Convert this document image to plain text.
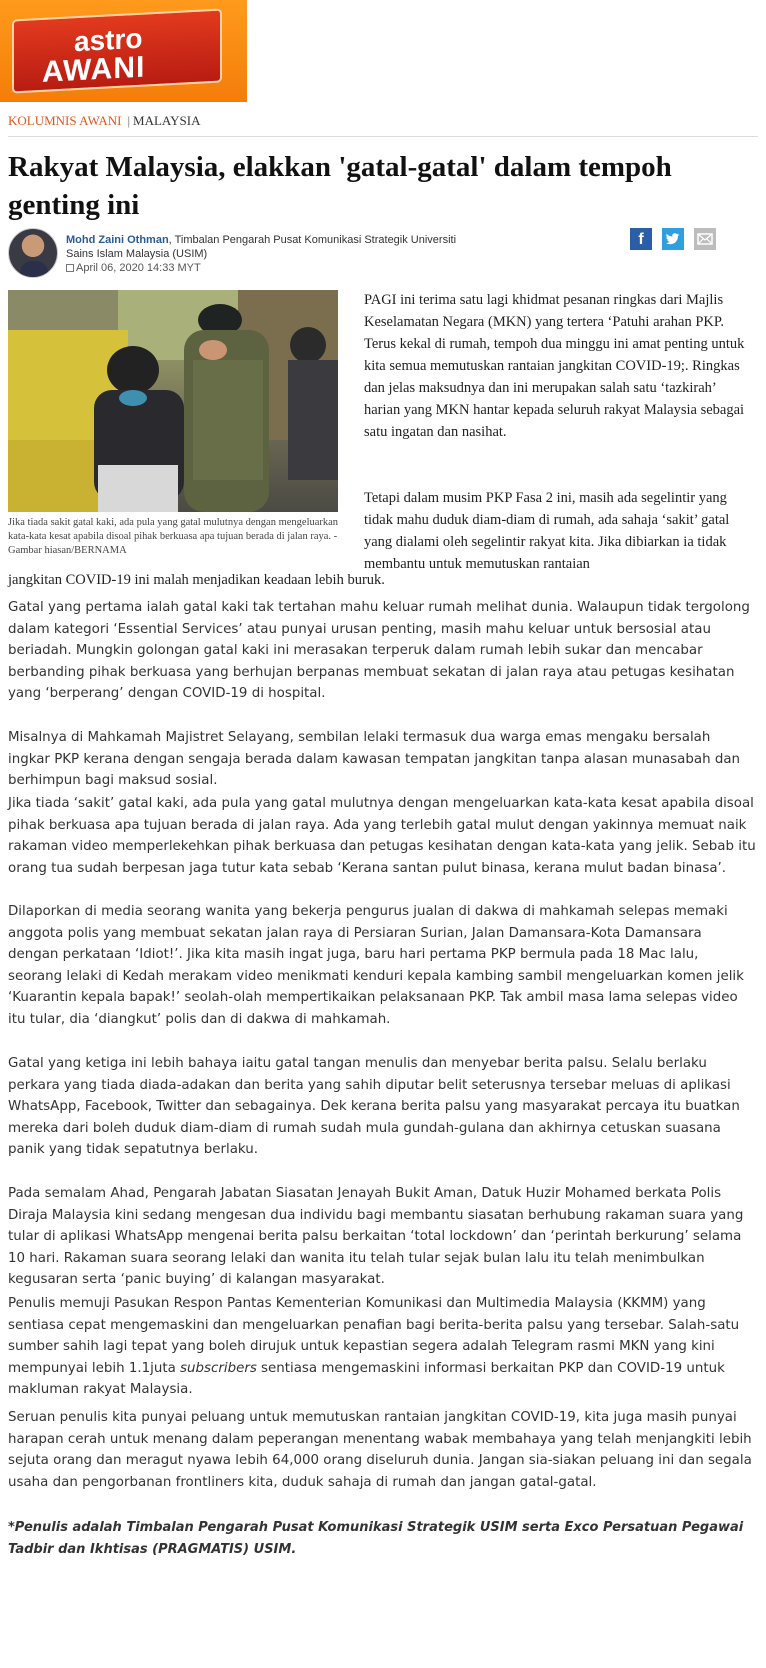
astro
AWANI
KOLUMNIS AWANI | MALAYSIA
Rakyat Malaysia, elakkan 'gatal-gatal' dalam tempoh genting ini
Mohd Zaini Othman, Timbalan Pengarah Pusat Komunikasi Strategik Universiti Sains Islam Malaysia (USIM)
April 06, 2020 14:33 MYT
f
Jika tiada sakit gatal kaki, ada pula yang gatal mulutnya dengan mengeluarkan kata-kata kesat apabila disoal pihak berkuasa apa tujuan berada di jalan raya. - Gambar hiasan/BERNAMA

PAGI ini terima satu lagi khidmat pesanan ringkas dari Majlis Keselamatan Negara (MKN) yang tertera ‘Patuhi arahan PKP. Terus kekal di rumah, tempoh dua minggu ini amat penting untuk kita semua memutuskan rantaian jangkitan COVID-19;. Ringkas dan jelas maksudnya dan ini merupakan salah satu ‘tazkirah’ harian yang MKN hantar kepada seluruh rakyat Malaysia sebagai satu ingatan dan nasihat.

Tetapi dalam musim PKP Fasa 2 ini, masih ada segelintir yang tidak mahu duduk diam-diam di rumah, ada sahaja ‘sakit’ gatal yang dialami oleh segelintir rakyat kita. Jika dibiarkan ia tidak membantu untuk memutuskan rantaian

jangkitan COVID-19 ini malah menjadikan keadaan lebih buruk.

Gatal yang pertama ialah gatal kaki tak tertahan mahu keluar rumah melihat dunia. Walaupun tidak tergolong dalam kategori ‘Essential Services’ atau punyai urusan penting, masih mahu keluar untuk bersosial atau beriadah. Mungkin golongan gatal kaki ini merasakan terperuk dalam rumah lebih sukar dan mencabar berbanding pihak berkuasa yang berhujan berpanas membuat sekatan di jalan raya atau petugas kesihatan yang ‘berperang’ dengan COVID-19 di hospital.

Misalnya di Mahkamah Majistret Selayang, sembilan lelaki termasuk dua warga emas mengaku bersalah ingkar PKP kerana dengan sengaja berada dalam kawasan tempatan jangkitan tanpa alasan munasabah dan berhimpun bagi maksud sosial.

Jika tiada ‘sakit’ gatal kaki, ada pula yang gatal mulutnya dengan mengeluarkan kata-kata kesat apabila disoal pihak berkuasa apa tujuan berada di jalan raya. Ada yang terlebih gatal mulut dengan yakinnya memuat naik rakaman video memperlekehkan pihak berkuasa dan petugas kesihatan dengan kata-kata yang jelik. Sebab itu orang tua sudah berpesan jaga tutur kata sebab ‘Kerana santan pulut binasa, kerana mulut badan binasa’.

Dilaporkan di media seorang wanita yang bekerja pengurus jualan di dakwa di mahkamah selepas memaki anggota polis yang membuat sekatan jalan raya di Persiaran Surian, Jalan Damansara-Kota Damansara dengan perkataan ‘Idiot!’. Jika kita masih ingat juga, baru hari pertama PKP bermula pada 18 Mac lalu, seorang lelaki di Kedah merakam video menikmati kenduri kepala kambing sambil mengeluarkan komen jelik ‘Kuarantin kepala bapak!’ seolah-olah mempertikaikan pelaksanaan PKP. Tak ambil masa lama selepas video itu tular, dia ‘diangkut’ polis dan di dakwa di mahkamah.

Gatal yang ketiga ini lebih bahaya iaitu gatal tangan menulis dan menyebar berita palsu. Selalu berlaku perkara yang tiada diada-adakan dan berita yang sahih diputar belit seterusnya tersebar meluas di aplikasi WhatsApp, Facebook, Twitter dan sebagainya. Dek kerana berita palsu yang masyarakat percaya itu buatkan mereka dari boleh duduk diam-diam di rumah sudah mula gundah-gulana dan akhirnya cetuskan suasana panik yang tidak sepatutnya berlaku.

Pada semalam Ahad, Pengarah Jabatan Siasatan Jenayah Bukit Aman, Datuk Huzir Mohamed berkata Polis Diraja Malaysia kini sedang mengesan dua individu bagi membantu siasatan berhubung rakaman suara yang tular di aplikasi WhatsApp mengenai berita palsu berkaitan ‘total lockdown’ dan ‘perintah berkurung’ selama 10 hari. Rakaman suara seorang lelaki dan wanita itu telah tular sejak bulan lalu itu telah menimbulkan kegusaran serta ‘panic buying’ di kalangan masyarakat.

Penulis memuji Pasukan Respon Pantas Kementerian Komunikasi dan Multimedia Malaysia (KKMM) yang sentiasa cepat mengemaskini dan mengeluarkan penafian bagi berita-berita palsu yang tersebar. Salah-satu sumber sahih lagi tepat yang boleh dirujuk untuk kepastian segera adalah Telegram rasmi MKN yang kini mempunyai lebih 1.1juta subscribers sentiasa mengemaskini informasi berkaitan PKP dan COVID-19 untuk makluman rakyat Malaysia.

Seruan penulis kita punyai peluang untuk memutuskan rantaian jangkitan COVID-19, kita juga masih punyai harapan cerah untuk menang dalam peperangan menentang wabak membahaya yang telah menjangkiti lebih sejuta orang dan meragut nyawa lebih 64,000 orang diseluruh dunia. Jangan sia-siakan peluang ini dan segala usaha dan pengorbanan frontliners kita, duduk sahaja di rumah dan jangan gatal-gatal.

*Penulis adalah Timbalan Pengarah Pusat Komunikasi Strategik USIM serta Exco Persatuan Pegawai Tadbir dan Ikhtisas (PRAGMATIS) USIM.
